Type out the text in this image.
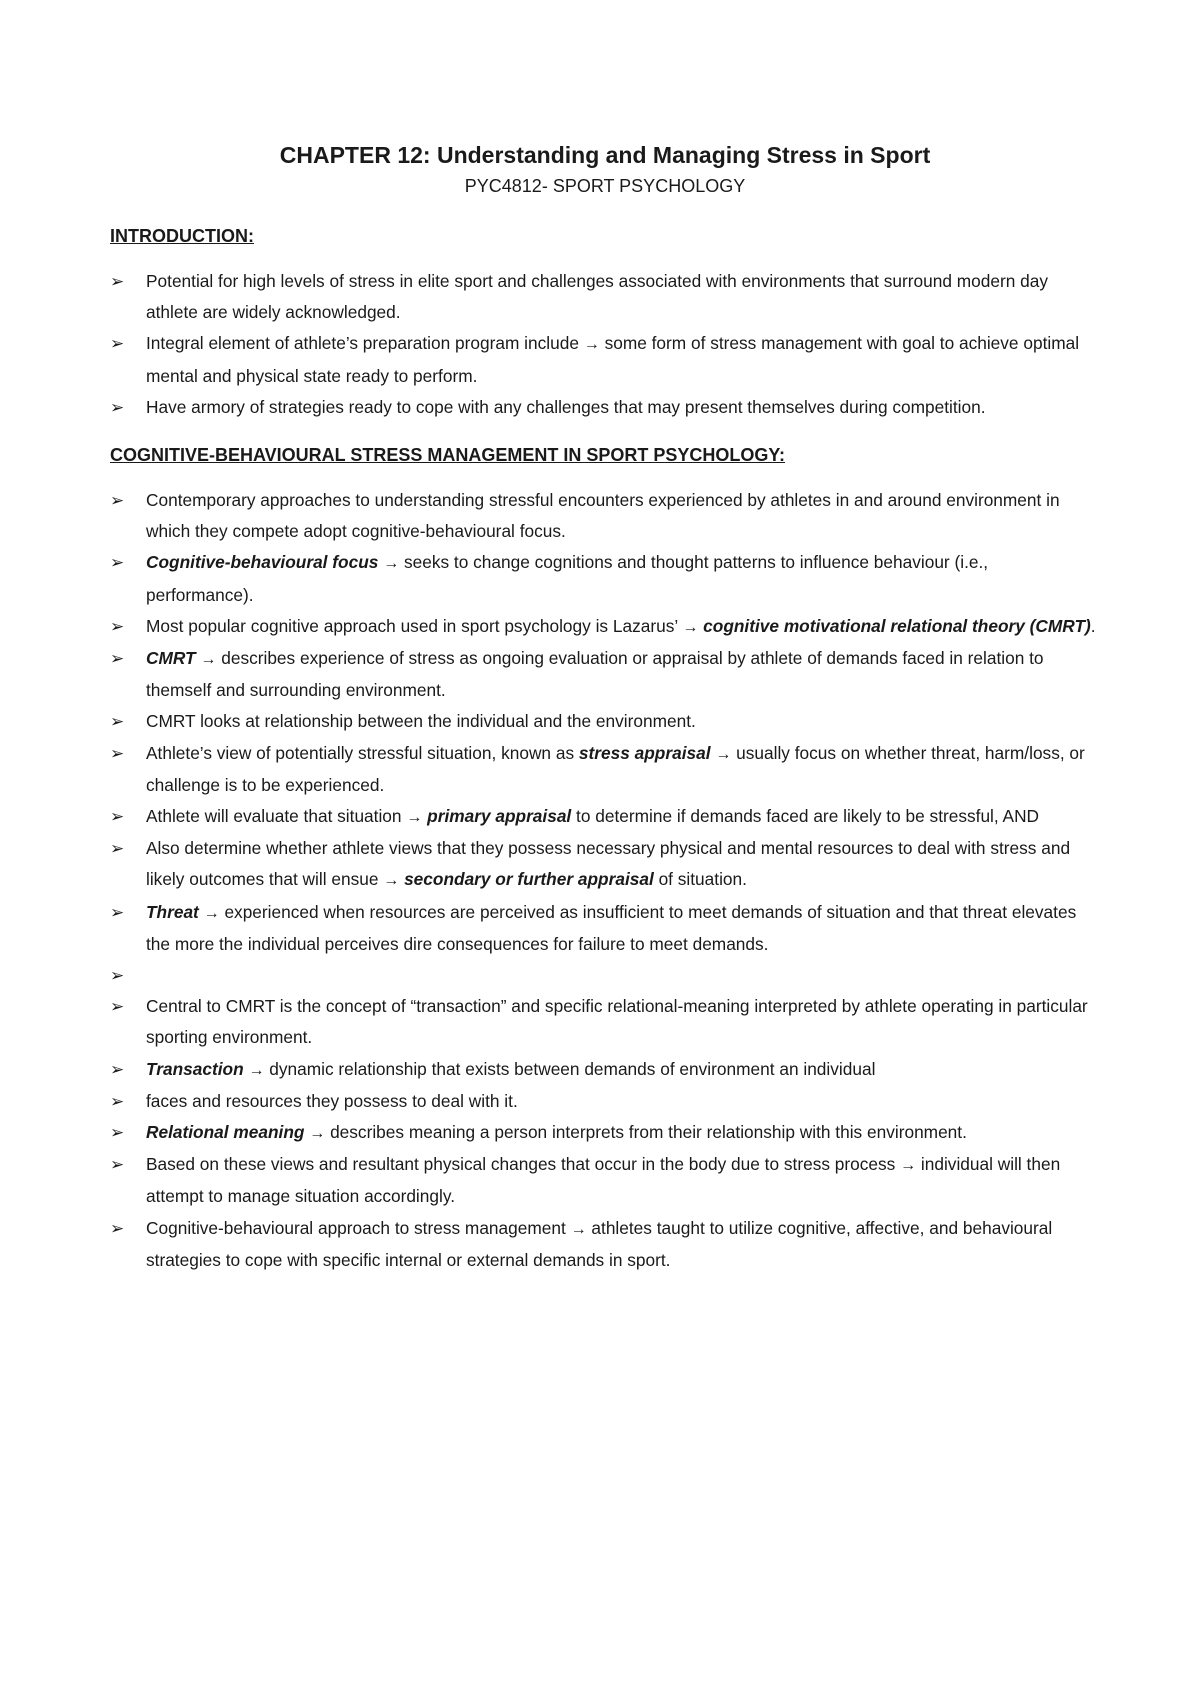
CHAPTER 12: Understanding and Managing Stress in Sport

PYC4812- SPORT PSYCHOLOGY

INTRODUCTION:
➢	Potential for high levels of stress in elite sport and challenges associated with environments that surround modern day athlete are widely acknowledged.
➢	Integral element of athlete’s preparation program include → some form of stress management with goal to achieve optimal mental and physical state ready to perform.
➢	Have armory of strategies ready to cope with any challenges that may present themselves during competition.
COGNITIVE-BEHAVIOURAL STRESS MANAGEMENT IN SPORT PSYCHOLOGY:
➢	Contemporary approaches to understanding stressful encounters experienced by athletes in and around environment in which they compete adopt cognitive-behavioural focus.
➢	Cognitive-behavioural focus → seeks to change cognitions and thought patterns to influence behaviour (i.e., performance).
➢	Most popular cognitive approach used in sport psychology is Lazarus’ → cognitive motivational relational theory (CMRT).
➢	CMRT → describes experience of stress as ongoing evaluation or appraisal by athlete of demands faced in relation to themself and surrounding environment.
➢	CMRT looks at relationship between the individual and the environment.
➢	Athlete’s view of potentially stressful situation, known as stress appraisal → usually focus on whether threat, harm/loss, or challenge is to be experienced.
➢	Athlete will evaluate that situation → primary appraisal to determine if demands faced are likely to be stressful, AND
➢	Also determine whether athlete views that they possess necessary physical and mental resources to deal with stress and likely outcomes that will ensue → secondary or further appraisal of situation.
➢	Threat → experienced when resources are perceived as insufficient to meet demands of situation and that threat elevates the more the individual perceives dire consequences for failure to meet demands.
➢

➢	Central to CMRT is the concept of “transaction” and specific relational-meaning interpreted by athlete operating in particular sporting environment.
➢	Transaction → dynamic relationship that exists between demands of environment an individual
➢	faces and resources they possess to deal with it.
➢	Relational meaning → describes meaning a person interprets from their relationship with this environment.
➢	Based on these views and resultant physical changes that occur in the body due to stress process → individual will then attempt to manage situation accordingly.
➢	Cognitive-behavioural approach to stress management → athletes taught to utilize cognitive, affective, and behavioural strategies to cope with specific internal or external demands in sport.
